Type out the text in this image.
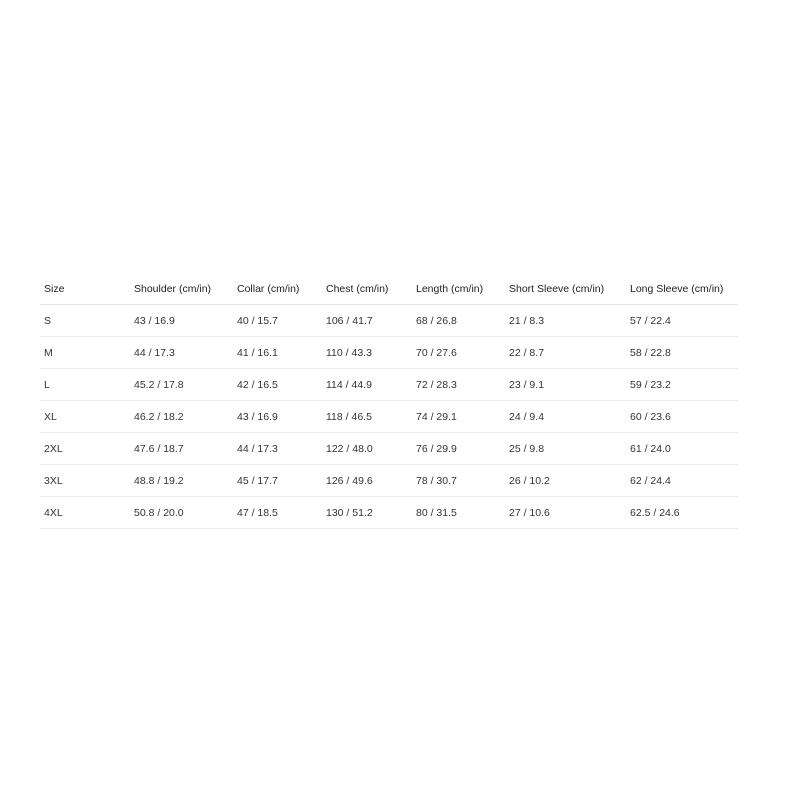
Size	Shoulder (cm/in)	Collar (cm/in)	Chest (cm/in)	Length (cm/in)	Short Sleeve (cm/in)	Long Sleeve (cm/in)
S	43 / 16.9	40 / 15.7	106 / 41.7	68 / 26.8	21 / 8.3	57 / 22.4
M	44 / 17.3	41 / 16.1	110 / 43.3	70 / 27.6	22 / 8.7	58 / 22.8
L	45.2 / 17.8	42 / 16.5	114 / 44.9	72 / 28.3	23 / 9.1	59 / 23.2
XL	46.2 / 18.2	43 / 16.9	118 / 46.5	74 / 29.1	24 / 9.4	60 / 23.6
2XL	47.6 / 18.7	44 / 17.3	122 / 48.0	76 / 29.9	25 / 9.8	61 / 24.0
3XL	48.8 / 19.2	45 / 17.7	126 / 49.6	78 / 30.7	26 / 10.2	62 / 24.4
4XL	50.8 / 20.0	47 / 18.5	130 / 51.2	80 / 31.5	27 / 10.6	62.5 / 24.6
